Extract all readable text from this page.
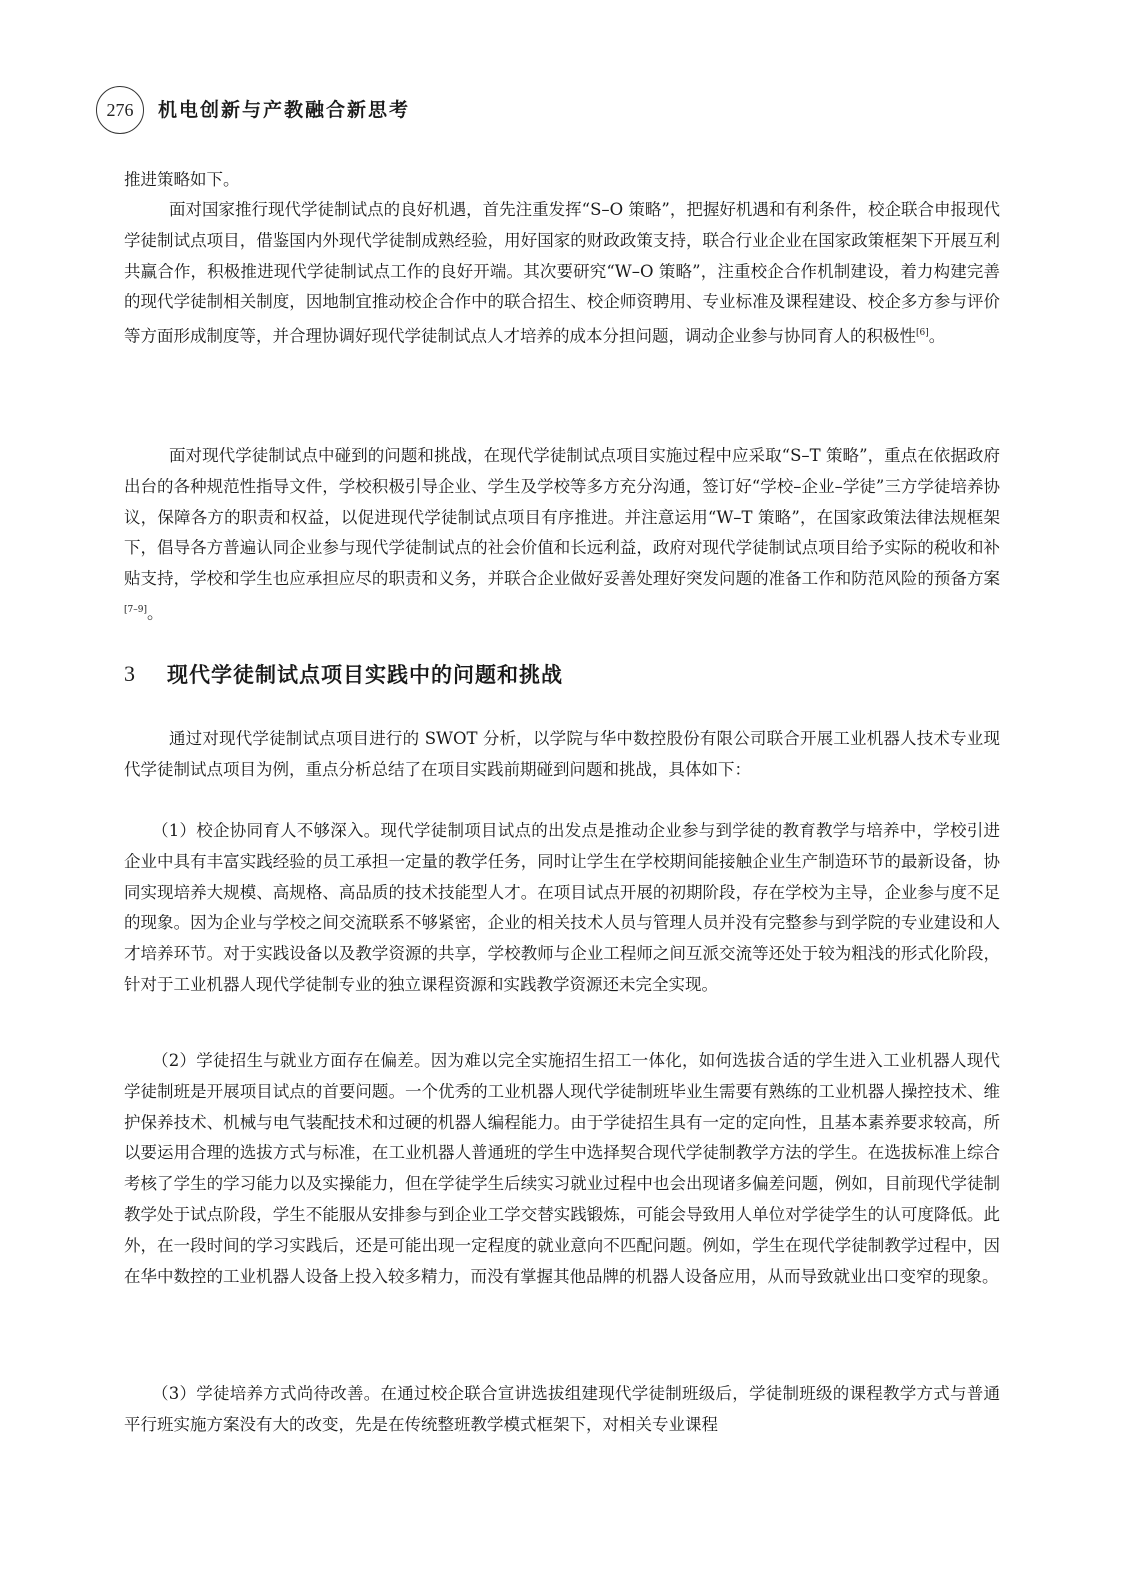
276	机电创新与产教融合新思考

推进策略如下。

面对国家推行现代学徒制试点的良好机遇，首先注重发挥“S–O 策略”，把握好机遇和有利条件，校企联合申报现代学徒制试点项目，借鉴国内外现代学徒制成熟经验，用好国家的财政政策支持，联合行业企业在国家政策框架下开展互利共赢合作，积极推进现代学徒制试点工作的良好开端。其次要研究“W–O 策略”，注重校企合作机制建设，着力构建完善的现代学徒制相关制度，因地制宜推动校企合作中的联合招生、校企师资聘用、专业标准及课程建设、校企多方参与评价等方面形成制度等，并合理协调好现代学徒制试点人才培养的成本分担问题，调动企业参与协同育人的积极性[6]。

面对现代学徒制试点中碰到的问题和挑战，在现代学徒制试点项目实施过程中应采取“S–T 策略”，重点在依据政府出台的各种规范性指导文件，学校积极引导企业、学生及学校等多方充分沟通，签订好“学校–企业–学徒”三方学徒培养协议，保障各方的职责和权益，以促进现代学徒制试点项目有序推进。并注意运用“W–T 策略”，在国家政策法律法规框架下，倡导各方普遍认同企业参与现代学徒制试点的社会价值和长远利益，政府对现代学徒制试点项目给予实际的税收和补贴支持，学校和学生也应承担应尽的职责和义务，并联合企业做好妥善处理好突发问题的准备工作和防范风险的预备方案[7–9]。

3 现代学徒制试点项目实践中的问题和挑战

通过对现代学徒制试点项目进行的 SWOT 分析，以学院与华中数控股份有限公司联合开展工业机器人技术专业现代学徒制试点项目为例，重点分析总结了在项目实践前期碰到问题和挑战，具体如下：

（1）校企协同育人不够深入。现代学徒制项目试点的出发点是推动企业参与到学徒的教育教学与培养中，学校引进企业中具有丰富实践经验的员工承担一定量的教学任务，同时让学生在学校期间能接触企业生产制造环节的最新设备，协同实现培养大规模、高规格、高品质的技术技能型人才。在项目试点开展的初期阶段，存在学校为主导，企业参与度不足的现象。因为企业与学校之间交流联系不够紧密，企业的相关技术人员与管理人员并没有完整参与到学院的专业建设和人才培养环节。对于实践设备以及教学资源的共享，学校教师与企业工程师之间互派交流等还处于较为粗浅的形式化阶段，针对于工业机器人现代学徒制专业的独立课程资源和实践教学资源还未完全实现。

（2）学徒招生与就业方面存在偏差。因为难以完全实施招生招工一体化，如何选拔合适的学生进入工业机器人现代学徒制班是开展项目试点的首要问题。一个优秀的工业机器人现代学徒制班毕业生需要有熟练的工业机器人操控技术、维护保养技术、机械与电气装配技术和过硬的机器人编程能力。由于学徒招生具有一定的定向性，且基本素养要求较高，所以要运用合理的选拔方式与标准，在工业机器人普通班的学生中选择契合现代学徒制教学方法的学生。在选拔标准上综合考核了学生的学习能力以及实操能力，但在学徒学生后续实习就业过程中也会出现诸多偏差问题，例如，目前现代学徒制教学处于试点阶段，学生不能服从安排参与到企业工学交替实践锻炼，可能会导致用人单位对学徒学生的认可度降低。此外，在一段时间的学习实践后，还是可能出现一定程度的就业意向不匹配问题。例如，学生在现代学徒制教学过程中，因在华中数控的工业机器人设备上投入较多精力，而没有掌握其他品牌的机器人设备应用，从而导致就业出口变窄的现象。

（3）学徒培养方式尚待改善。在通过校企联合宣讲选拔组建现代学徒制班级后，学徒制班级的课程教学方式与普通平行班实施方案没有大的改变，先是在传统整班教学模式框架下，对相关专业课程
